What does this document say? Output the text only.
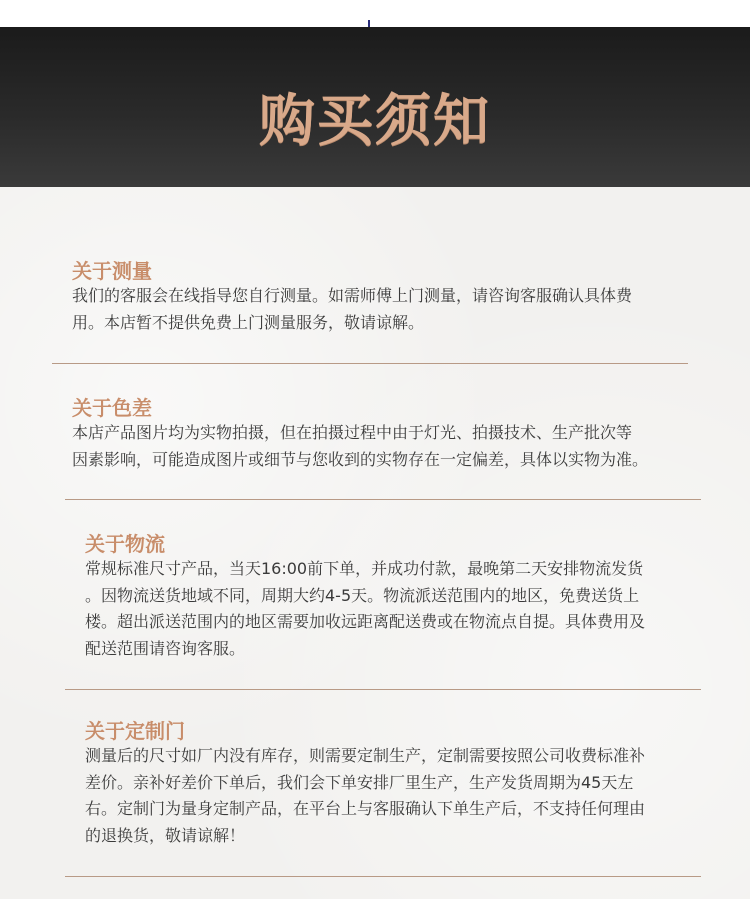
购买须知
关于测量
我们的客服会在线指导您自行测量。如需师傅上门测量，请咨询客服确认具体费
用。本店暂不提供免费上门测量服务，敬请谅解。
关于色差
本店产品图片均为实物拍摄，但在拍摄过程中由于灯光、拍摄技术、生产批次等
因素影响，可能造成图片或细节与您收到的实物存在一定偏差，具体以实物为准。
关于物流
常规标准尺寸产品，当天16:00前下单，并成功付款，最晚第二天安排物流发货
。因物流送货地域不同，周期大约4-5天。物流派送范围内的地区，免费送货上
楼。超出派送范围内的地区需要加收远距离配送费或在物流点自提。具体费用及
配送范围请咨询客服。
关于定制门
测量后的尺寸如厂内没有库存，则需要定制生产，定制需要按照公司收费标准补
差价。亲补好差价下单后，我们会下单安排厂里生产，生产发货周期为45天左
右。定制门为量身定制产品，在平台上与客服确认下单生产后，不支持任何理由
的退换货，敬请谅解！
